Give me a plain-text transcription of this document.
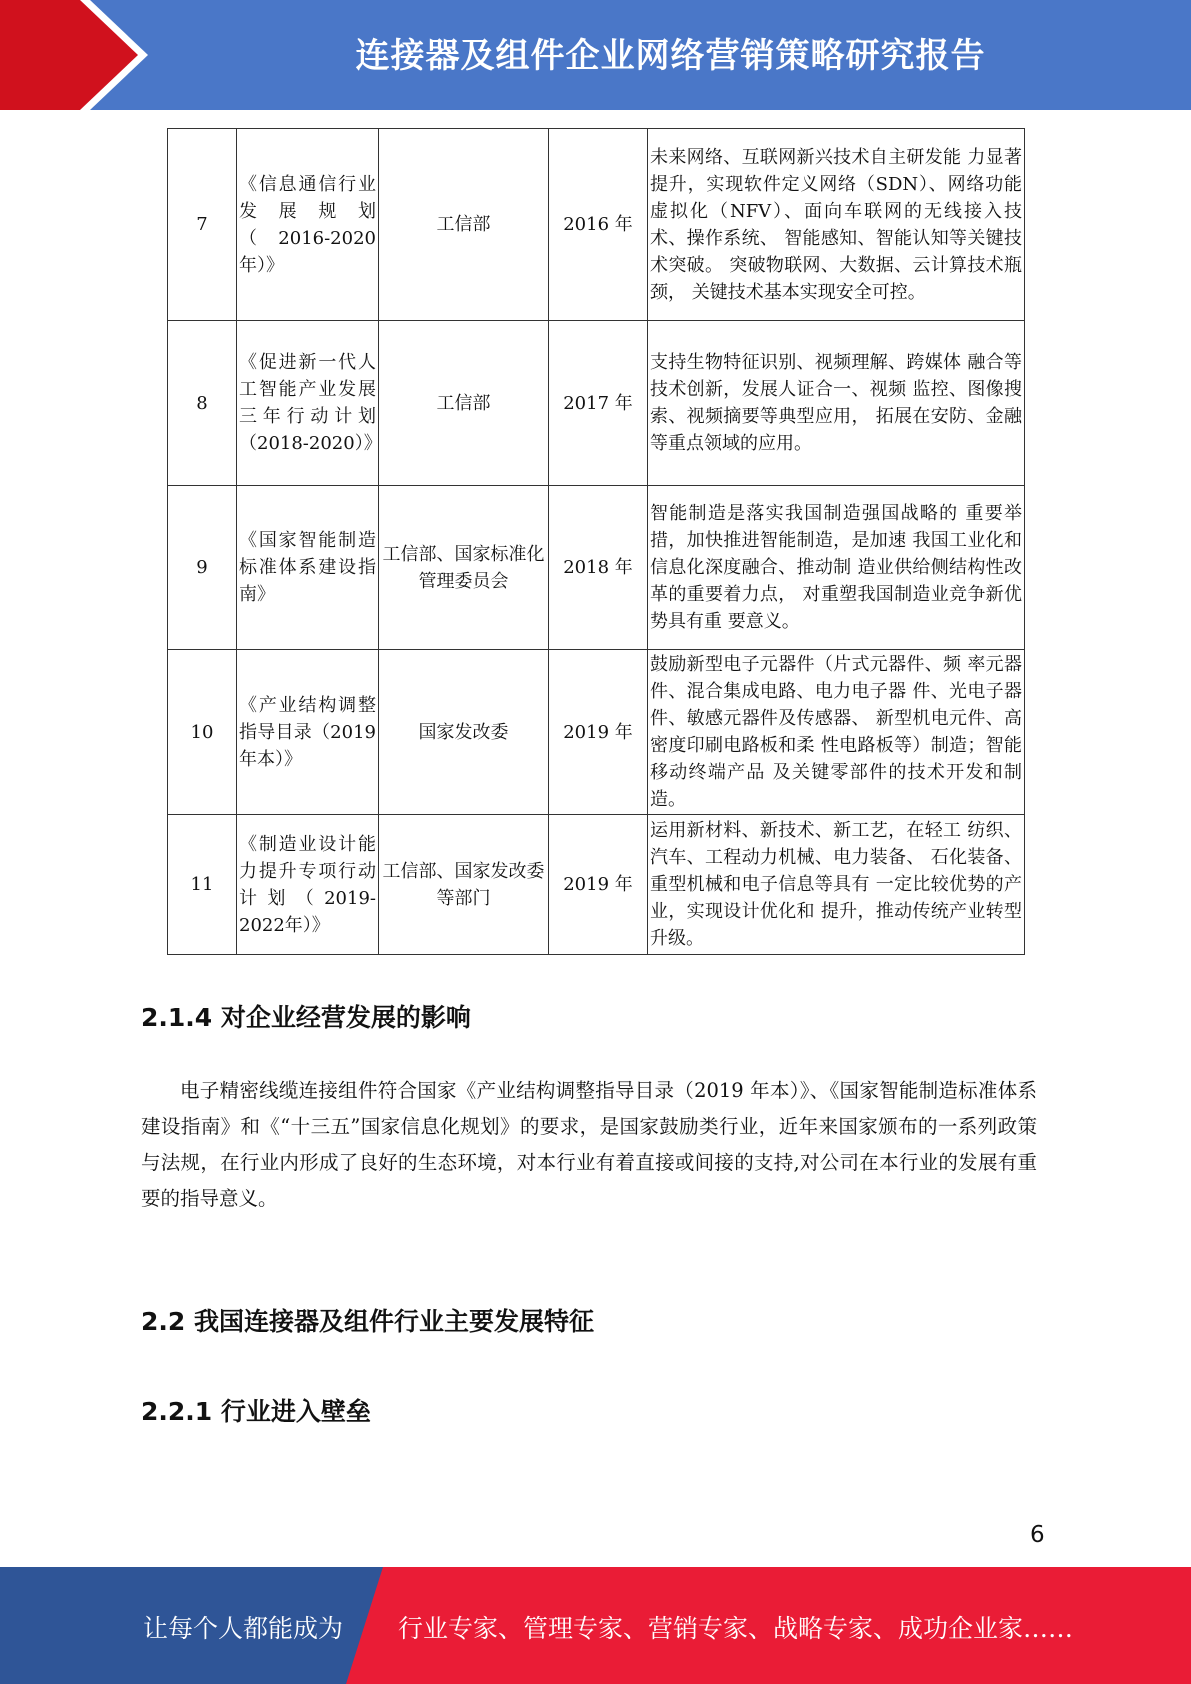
连接器及组件企业网络营销策略研究报告
7	《信息通信行业发展规划（2016-2020年）》	工信部	2016 年	未来网络、互联网新兴技术自主研发能 力显著提升，实现软件定义网络（SDN）、网络功能虚拟化（NFV）、面向车联网的无线接入技术、操作系统、 智能感知、智能认知等关键技术突破。 突破物联网、大数据、云计算技术瓶颈， 关键技术基本实现安全可控。
8	《促进新一代人工智能产业发展三年行动计划（2018-2020）》	工信部	2017 年	支持生物特征识别、视频理解、跨媒体 融合等技术创新，发展人证合一、视频 监控、图像搜索、视频摘要等典型应用， 拓展在安防、金融等重点领域的应用。
9	《国家智能制造标准体系建设指南》	工信部、国家标准化管理委员会	2018 年	智能制造是落实我国制造强国战略的 重要举措，加快推进智能制造，是加速 我国工业化和信息化深度融合、推动制 造业供给侧结构性改革的重要着力点， 对重塑我国制造业竞争新优势具有重 要意义。
10	《产业结构调整指导目录（2019 年本）》	国家发改委	2019 年	鼓励新型电子元器件（片式元器件、频 率元器件、混合集成电路、电力电子器 件、光电子器件、敏感元器件及传感器、 新型机电元件、高密度印刷电路板和柔 性电路板等）制造；智能移动终端产品 及关键零部件的技术开发和制造。
11	《制造业设计能力提升专项行动计划（2019-2022年）》	工信部、国家发改委等部门	2019 年	运用新材料、新技术、新工艺，在轻工 纺织、汽车、工程动力机械、电力装备、 石化装备、重型机械和电子信息等具有 一定比较优势的产业，实现设计优化和 提升，推动传统产业转型升级。
2.1.4 对企业经营发展的影响

电子精密线缆连接组件符合国家《产业结构调整指导目录（2019 年本）》、《国家智能制造标准体系建设指南》和《“十三五”国家信息化规划》的要求，是国家鼓励类行业，近年来国家颁布的一系列政策与法规，在行业内形成了良好的生态环境，对本行业有着直接或间接的支持,对公司在本行业的发展有重要的指导意义。

2.2 我国连接器及组件行业主要发展特征
2.2.1 行业进入壁垒
6
让每个人都能成为 行业专家、管理专家、营销专家、战略专家、成功企业家……
